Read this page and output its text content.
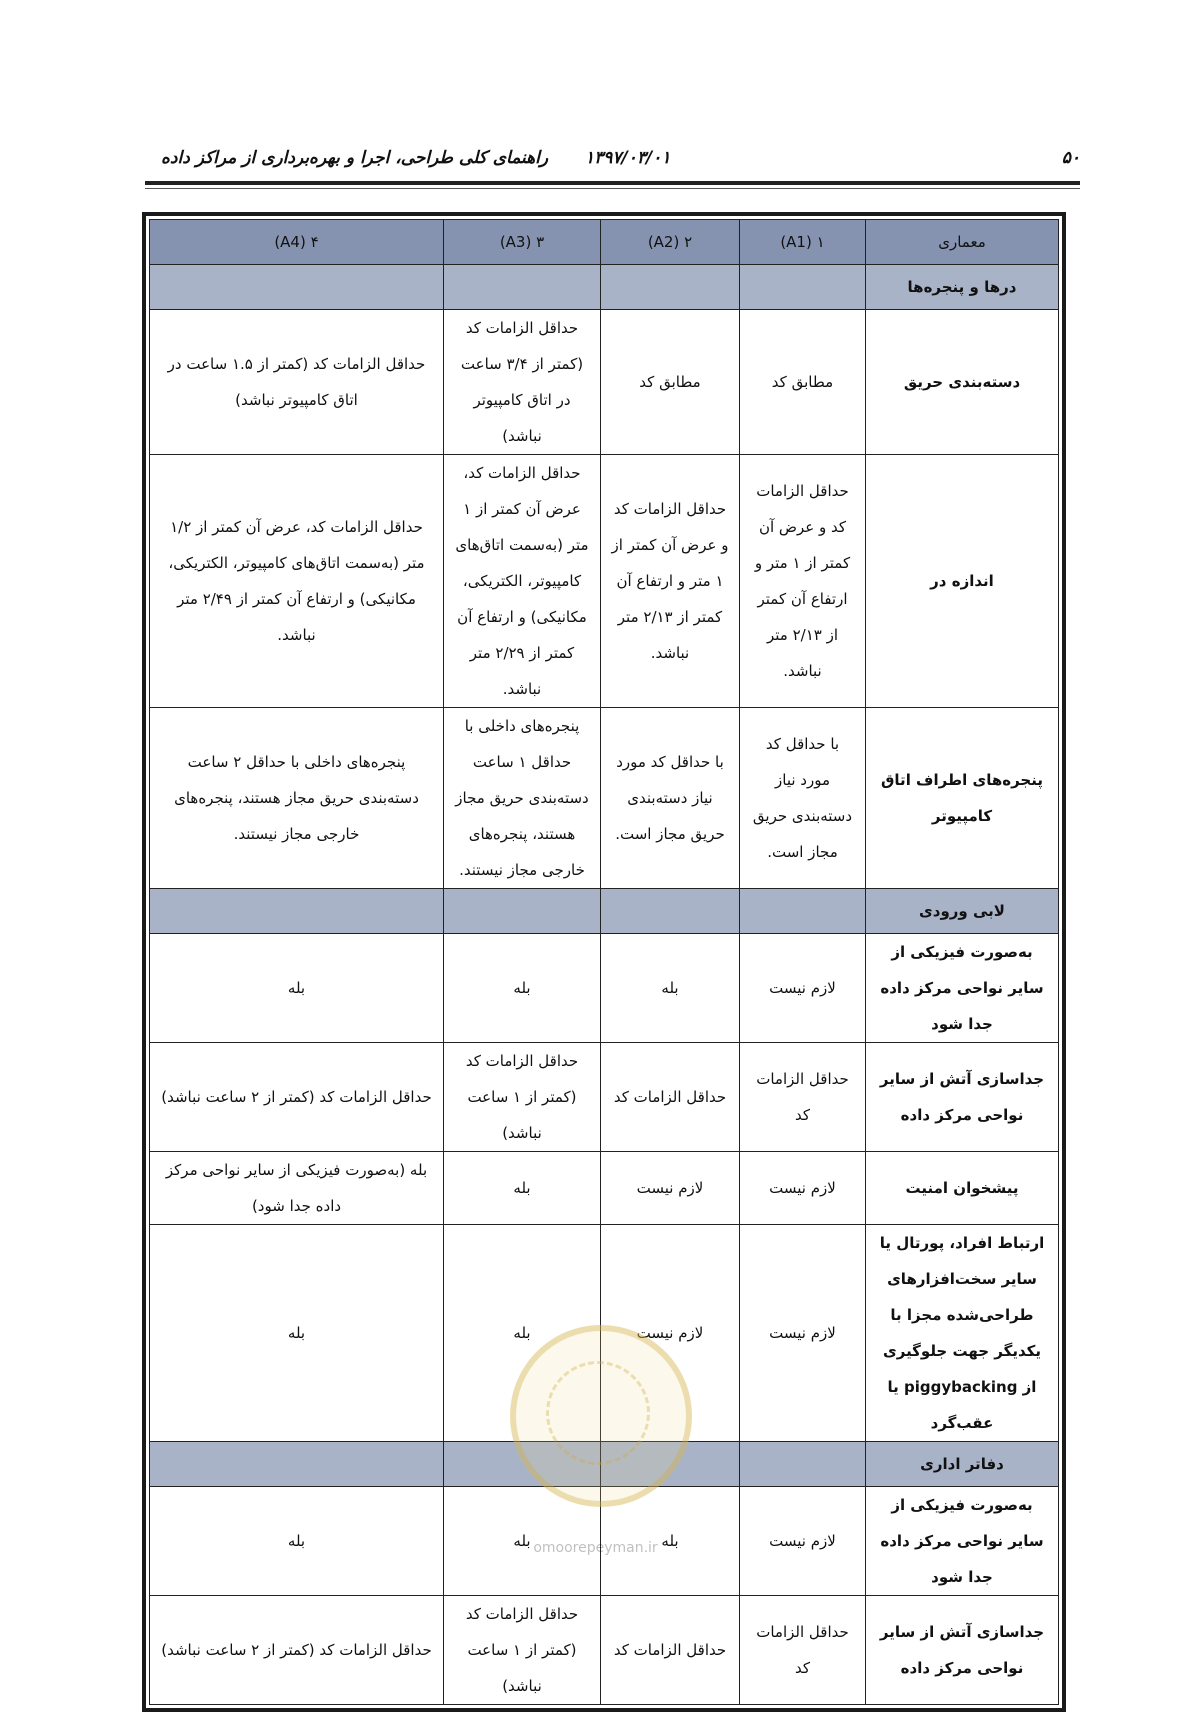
۵۰
۱۳۹۷/۰۳/۰۱
راهنمای کلی طراحی، اجرا و بهره‌برداری از مراکز داده
معماری	۱ (A1)	۲ (A2)	۳ (A3)	۴ (A4)
درها و پنجره‌ها				
دسته‌بندی حریق	مطابق کد	مطابق کد	حداقل الزامات کد (کمتر از ۳/۴ ساعت در اتاق کامپیوتر نباشد)	حداقل الزامات کد (کمتر از ۱.۵ ساعت در اتاق کامپیوتر نباشد)
اندازه در	حداقل الزامات کد و عرض آن کمتر از ۱ متر و ارتفاع آن کمتر از ۲/۱۳ متر نباشد.	حداقل الزامات کد و عرض آن کمتر از ۱ متر و ارتفاع آن کمتر از ۲/۱۳ متر نباشد.	حداقل الزامات کد، عرض آن کمتر از ۱ متر (به‌سمت اتاق‌های کامپیوتر، الکتریکی، مکانیکی) و ارتفاع آن کمتر از ۲/۲۹ متر نباشد.	حداقل الزامات کد، عرض آن کمتر از ۱/۲ متر (به‌سمت اتاق‌های کامپیوتر، الکتریکی، مکانیکی) و ارتفاع آن کمتر از ۲/۴۹ متر نباشد.
پنجره‌های اطراف اتاق کامپیوتر	با حداقل کد مورد نیاز دسته‌بندی حریق مجاز است.	با حداقل کد مورد نیاز دسته‌بندی حریق مجاز است.	پنجره‌های داخلی با حداقل ۱ ساعت دسته‌بندی حریق مجاز هستند، پنجره‌های خارجی مجاز نیستند.	پنجره‌های داخلی با حداقل ۲ ساعت دسته‌بندی حریق مجاز هستند، پنجره‌های خارجی مجاز نیستند.
لابی ورودی				
به‌صورت فیزیکی از سایر نواحی مرکز داده جدا شود	لازم نیست	بله	بله	بله
جداسازی آتش از سایر نواحی مرکز داده	حداقل الزامات کد	حداقل الزامات کد	حداقل الزامات کد (کمتر از ۱ ساعت نباشد)	حداقل الزامات کد (کمتر از ۲ ساعت نباشد)
پیشخوان امنیت	لازم نیست	لازم نیست	بله	بله (به‌صورت فیزیکی از سایر نواحی مرکز داده جدا شود)
ارتباط افراد، پورتال یا سایر سخت‌افزارهای طراحی‌شده مجزا با یکدیگر جهت جلوگیری از piggybacking یا عقب‌گرد	لازم نیست	لازم نیست	بله	بله
دفاتر اداری				
به‌صورت فیزیکی از سایر نواحی مرکز داده جدا شود	لازم نیست	بله	بله	بله
جداسازی آتش از سایر نواحی مرکز داده	حداقل الزامات کد	حداقل الزامات کد	حداقل الزامات کد (کمتر از ۱ ساعت نباشد)	حداقل الزامات کد (کمتر از ۲ ساعت نباشد)
omoorepeyman.ir
